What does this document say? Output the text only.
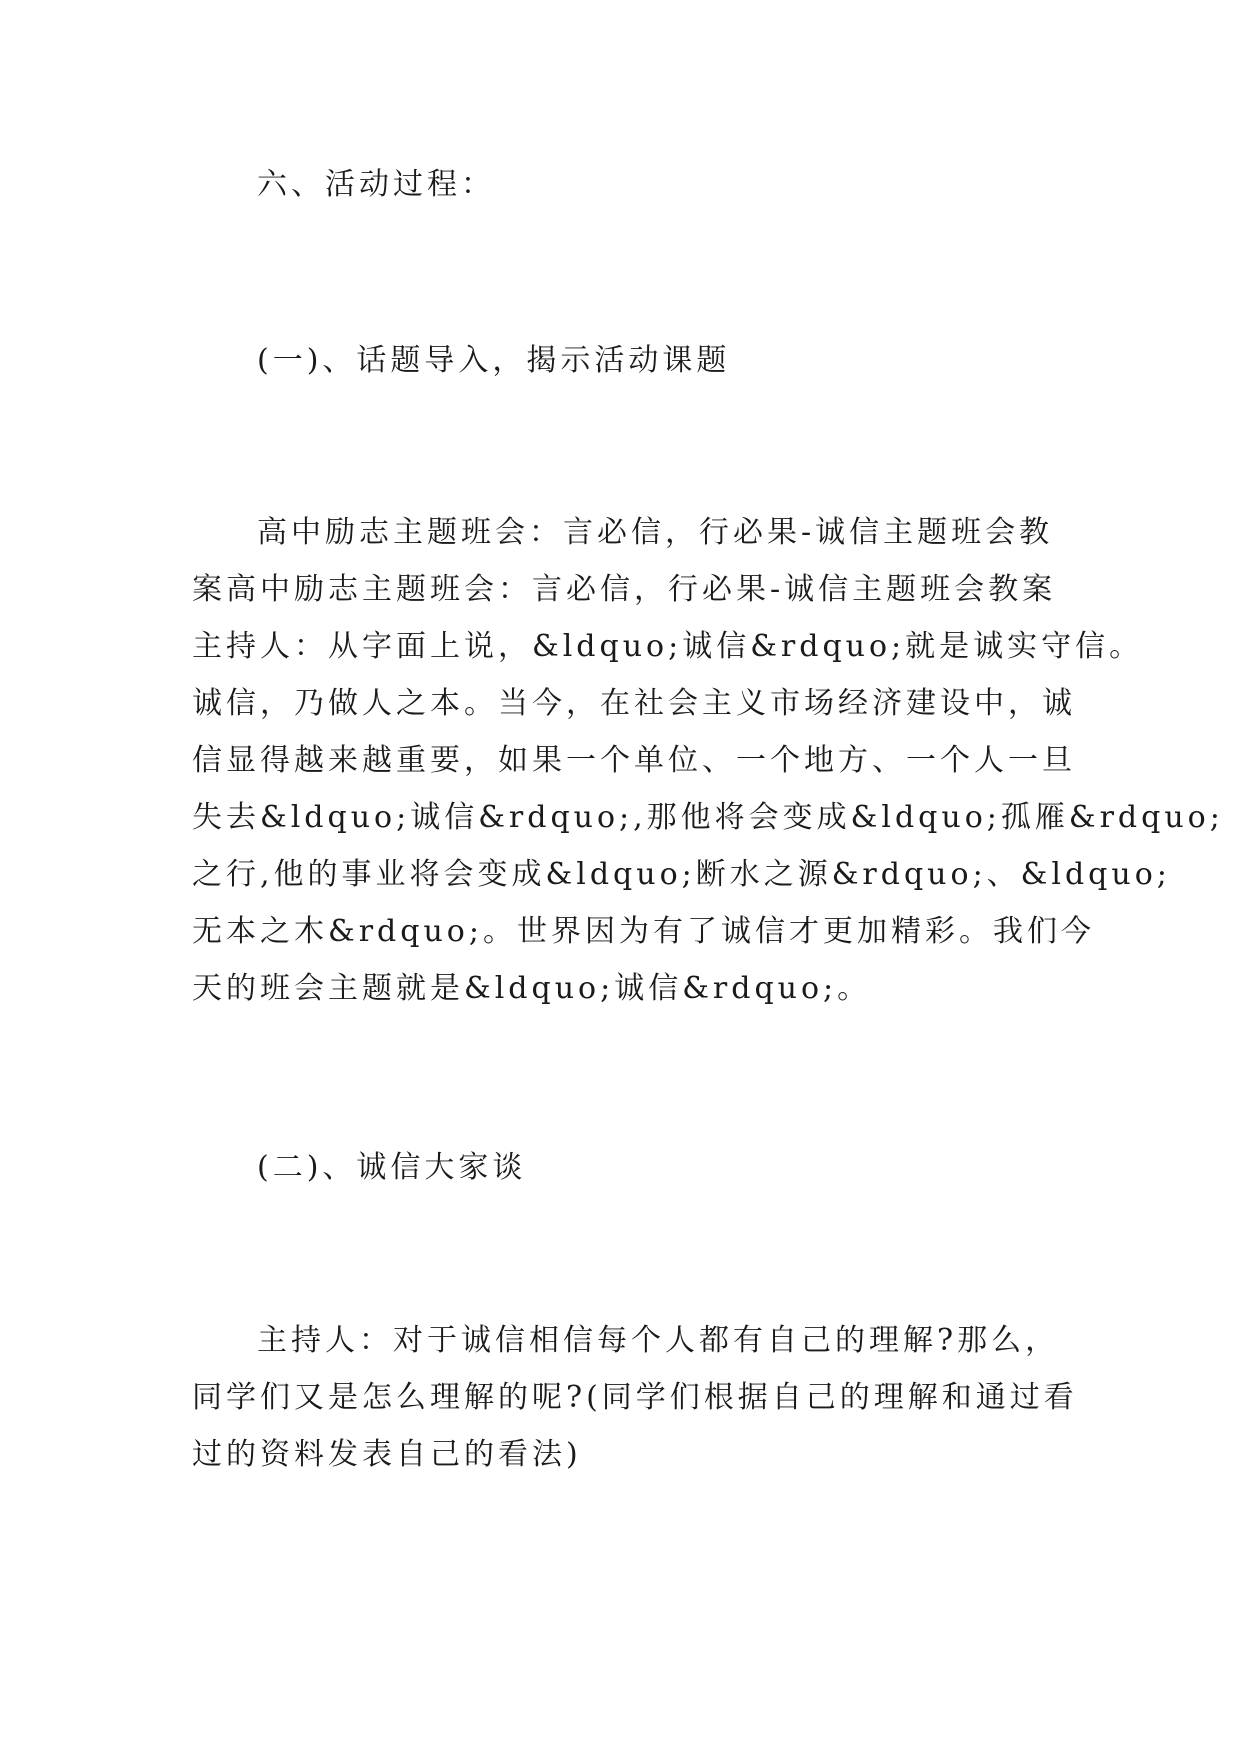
六、活动过程：
(一)、话题导入，揭示活动课题
高中励志主题班会：言必信，行必果-诚信主题班会教
案高中励志主题班会：言必信，行必果-诚信主题班会教案
主持人：从字面上说，&ldquo;诚信&rdquo;就是诚实守信。
诚信，乃做人之本。当今，在社会主义市场经济建设中，诚
信显得越来越重要，如果一个单位、一个地方、一个人一旦
失去&ldquo;诚信&rdquo;,那他将会变成&ldquo;孤雁&rdquo;
之行,他的事业将会变成&ldquo;断水之源&rdquo;、&ldquo;
无本之木&rdquo;。世界因为有了诚信才更加精彩。我们今
天的班会主题就是&ldquo;诚信&rdquo;。
(二)、诚信大家谈
主持人：对于诚信相信每个人都有自己的理解?那么，
同学们又是怎么理解的呢?(同学们根据自己的理解和通过看
过的资料发表自己的看法)
